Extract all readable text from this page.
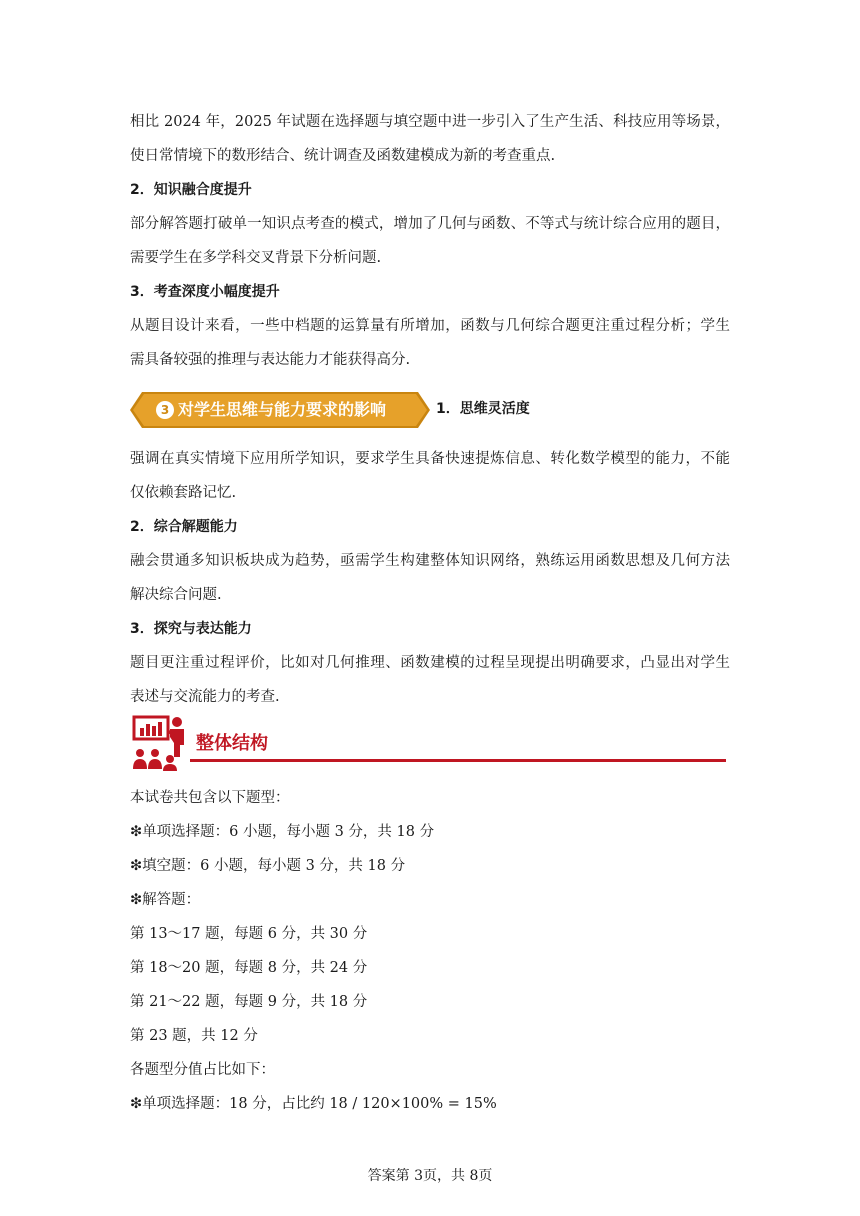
相比 2024 年，2025 年试题在选择题与填空题中进一步引入了生产生活、科技应用等场景，
使日常情境下的数形结合、统计调查及函数建模成为新的考查重点.
2．知识融合度提升
部分解答题打破单一知识点考查的模式，增加了几何与函数、不等式与统计综合应用的题目，
需要学生在多学科交叉背景下分析问题.
3．考查深度小幅度提升
从题目设计来看，一些中档题的运算量有所增加，函数与几何综合题更注重过程分析；学生
需具备较强的推理与表达能力才能获得高分.
3 对学生思维与能力要求的影响	1．思维灵活度
强调在真实情境下应用所学知识，要求学生具备快速提炼信息、转化数学模型的能力，不能
仅依赖套路记忆.
2．综合解题能力
融会贯通多知识板块成为趋势，亟需学生构建整体知识网络，熟练运用函数思想及几何方法
解决综合问题.
3．探究与表达能力
题目更注重过程评价，比如对几何推理、函数建模的过程呈现提出明确要求，凸显出对学生
表述与交流能力的考查.
整体结构
本试卷共包含以下题型：
❇单项选择题：6 小题，每小题 3 分，共 18 分
❇填空题：6 小题，每小题 3 分，共 18 分
❇解答题：
第 13～17 题，每题 6 分，共 30 分
第 18～20 题，每题 8 分，共 24 分
第 21～22 题，每题 9 分，共 18 分
第 23 题，共 12 分
各题型分值占比如下：
❇单项选择题：18 分，占比约 18 / 120×100% = 15%
答案第 3页，共 8页
